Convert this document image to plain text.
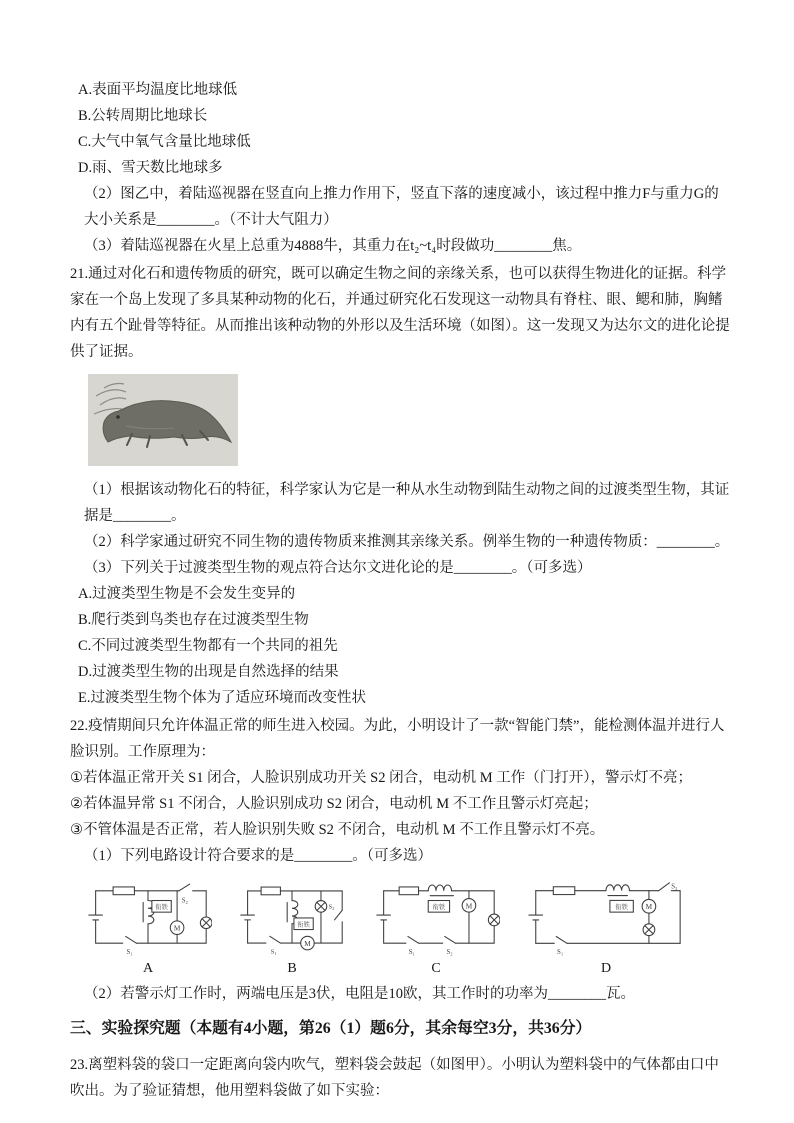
A.表面平均温度比地球低
B.公转周期比地球长
C.大气中氧气含量比地球低
D.雨、雪天数比地球多
（2）图乙中，着陆巡视器在竖直向上推力作用下，竖直下落的速度减小，该过程中推力F与重力G的大小关系是________。（不计大气阻力）
（3）着陆巡视器在火星上总重为4888牛，其重力在t₂~t₄时段做功________焦。
21.通过对化石和遗传物质的研究，既可以确定生物之间的亲缘关系，也可以获得生物进化的证据。科学家在一个岛上发现了多具某种动物的化石，并通过研究化石发现这一动物具有脊柱、眼、鳃和肺，胸鳍内有五个趾骨等特征。从而推出该种动物的外形以及生活环境（如图）。这一发现又为达尔文的进化论提供了证据。
（1）根据该动物化石的特征，科学家认为它是一种从水生动物到陆生动物之间的过渡类型生物，其证据是________。
（2）科学家通过研究不同生物的遗传物质来推测其亲缘关系。例举生物的一种遗传物质：________。
（3）下列关于过渡类型生物的观点符合达尔文进化论的是________。（可多选）
A.过渡类型生物是不会发生变异的
B.爬行类到鸟类也存在过渡类型生物
C.不同过渡类型生物都有一个共同的祖先
D.过渡类型生物的出现是自然选择的结果
E.过渡类型生物个体为了适应环境而改变性状
22.疫情期间只允许体温正常的师生进入校园。为此，小明设计了一款“智能门禁”，能检测体温并进行人脸识别。工作原理为：
①若体温正常开关 S1 闭合，人脸识别成功开关 S2 闭合，电动机 M 工作（门打开），警示灯不亮；
②若体温异常 S1 不闭合，人脸识别成功 S2 闭合，电动机 M 不工作且警示灯亮起；
③不管体温是否正常，若人脸识别失败 S2 不闭合，电动机 M 不工作且警示灯不亮。
（1）下列电路设计符合要求的是________。（可多选）
衔铁
S₂
S₁
M
A
衔铁
S₂
S₁
M
B
衔铁
S₂
S₁
M
C
衔铁
S₂
S₁
M
D
（2）若警示灯工作时，两端电压是3伏，电阻是10欧，其工作时的功率为________瓦。
三、实验探究题（本题有4小题，第26（1）题6分，其余每空3分，共36分）
23.离塑料袋的袋口一定距离向袋内吹气，塑料袋会鼓起（如图甲）。小明认为塑料袋中的气体都由口中吹出。为了验证猜想，他用塑料袋做了如下实验：
